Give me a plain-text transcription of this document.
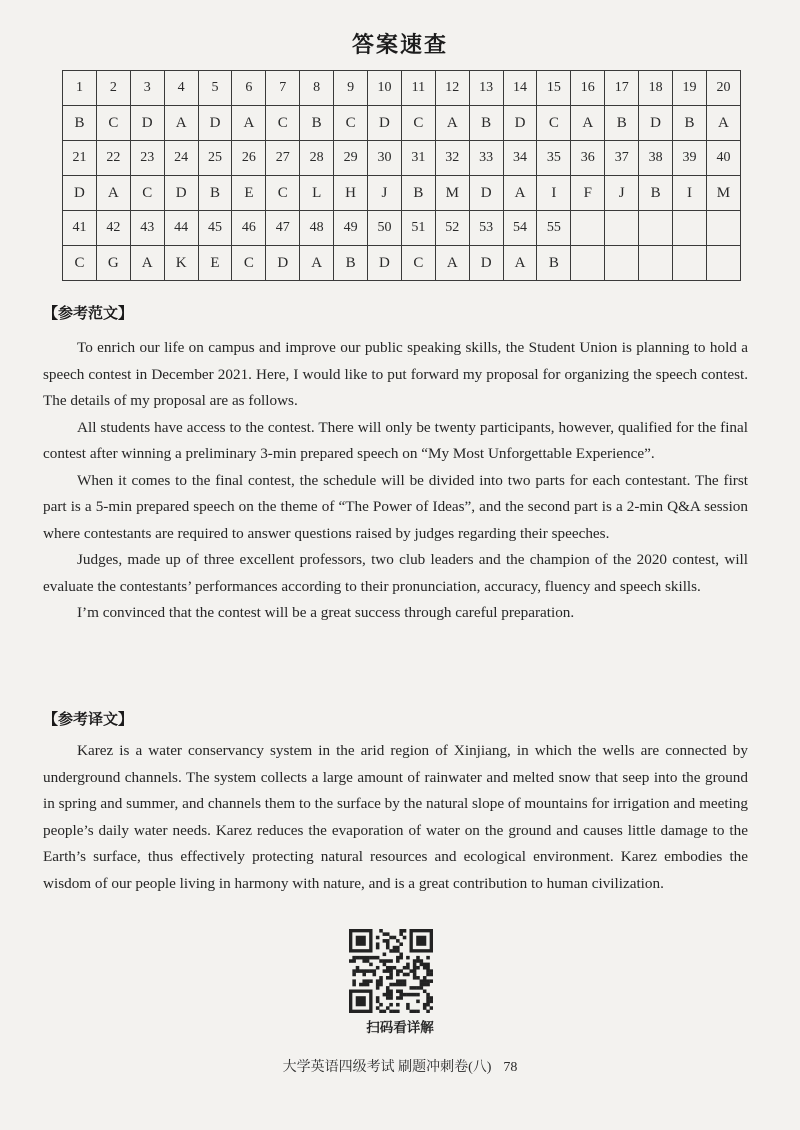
答案速查
1	2	3	4	5	6	7	8	9	10	11	12	13	14	15	16	17	18	19	20
B	C	D	A	D	A	C	B	C	D	C	A	B	D	C	A	B	D	B	A
21	22	23	24	25	26	27	28	29	30	31	32	33	34	35	36	37	38	39	40
D	A	C	D	B	E	C	L	H	J	B	M	D	A	I	F	J	B	I	M
41	42	43	44	45	46	47	48	49	50	51	52	53	54	55					
C	G	A	K	E	C	D	A	B	D	C	A	D	A	B					
【参考范文】

To enrich our life on campus and improve our public speaking skills, the Student Union is planning to hold a speech contest in December 2021. Here, I would like to put forward my proposal for organizing the speech contest. The details of my proposal are as follows.

All students have access to the contest. There will only be twenty participants, however, qualified for the final contest after winning a preliminary 3-min prepared speech on “My Most Unforgettable Experience”.

When it comes to the final contest, the schedule will be divided into two parts for each contestant. The first part is a 5-min prepared speech on the theme of “The Power of Ideas”, and the second part is a 2-min Q&A session where contestants are required to answer questions raised by judges regarding their speeches.

Judges, made up of three excellent professors, two club leaders and the champion of the 2020 contest, will evaluate the contestants’ performances according to their pronunciation, accuracy, fluency and speech skills.

I’m convinced that the contest will be a great success through careful preparation.

【参考译文】

Karez is a water conservancy system in the arid region of Xinjiang, in which the wells are connected by underground channels. The system collects a large amount of rainwater and melted snow that seep into the ground in spring and summer, and channels them to the surface by the natural slope of mountains for irrigation and meeting people’s daily water needs. Karez reduces the evaporation of water on the ground and causes little damage to the Earth’s surface, thus effectively protecting natural resources and ecological environment. Karez embodies the wisdom of our people living in harmony with nature, and is a great contribution to human civilization.

扫码看详解
大学英语四级考试 刷题冲刺卷(八) 78
